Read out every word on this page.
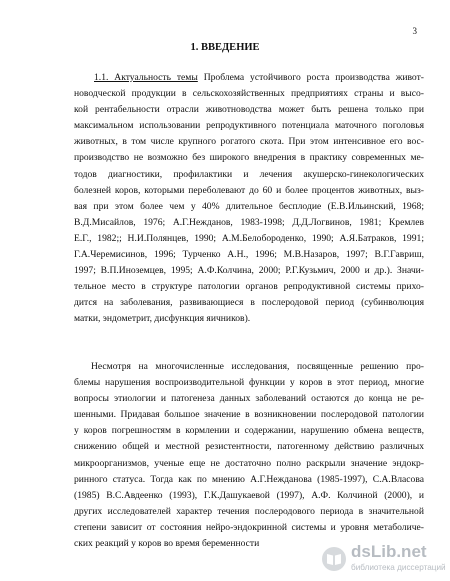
3
1. ВВЕДЕНИЕ
1.1. Актуальность темы Проблема устойчивого роста производства живот-
новодческой продукции в сельскохозяйственных предприятиях страны и высо-
кой рентабельности отрасли животноводства может быть решена только при
максимальном использовании репродуктивного потенциала маточного поголовья
животных, в том числе крупного рогатого скота. При этом интенсивное его вос-
производство не возможно без широкого внедрения в практику современных ме-
тодов диагностики, профилактики и лечения акушерско-гинекологических
болезней коров, которыми переболевают до 60 и более процентов животных, выз-
вая при этом более чем у 40% длительное бесплодие (Е.В.Ильинский, 1968;
В.Д.Мисайлов, 1976; А.Г.Нежданов, 1983-1998; Д.Д.Логвинов, 1981; Кремлев
Е.Г., 1982;; Н.И.Полянцев, 1990; А.М.Белобороденко, 1990; А.Я.Батраков, 1991;
Г.А.Черемисинов, 1996; Турченко А.Н., 1996; М.В.Назаров, 1997; В.Г.Гавриш,
1997; В.П.Иноземцев, 1995; А.Ф.Колчина, 2000; Р.Г.Кузьмич, 2000 и др.). Значи-
тельное место в структуре патологии органов репродуктивной системы прихо-
дится на заболевания, развивающиеся в послеродовой период (субинволюция
матки, эндометрит, дисфункция яичников).
Несмотря на многочисленные исследования, посвященные решению про-
блемы нарушения воспроизводительной функции у коров в этот период, многие
вопросы этиологии и патогенеза данных заболеваний остаются до конца не ре-
шенными. Придавая большое значение в возникновении послеродовой патологии
у коров погрешностям в кормлении и содержании, нарушению обмена веществ,
снижению общей и местной резистентности, патогенному действию различных
микроорганизмов, ученые еще не достаточно полно раскрыли значение эндокр-
ринного статуса. Тогда как по мнению А.Г.Нежданова (1985-1997), С.А.Власова
(1985) В.С.Авдеенко (1993), Г.К.Дашукаевой (1997), А.Ф. Колчиной (2000), и
других исследователей характер течения послеродового периода в значительной
степени зависит от состояния нейро-эндокринной системы и уровня метаболиче-
ских реакций у коров во время беременности	dsLib.net
библиотека диссертаций
